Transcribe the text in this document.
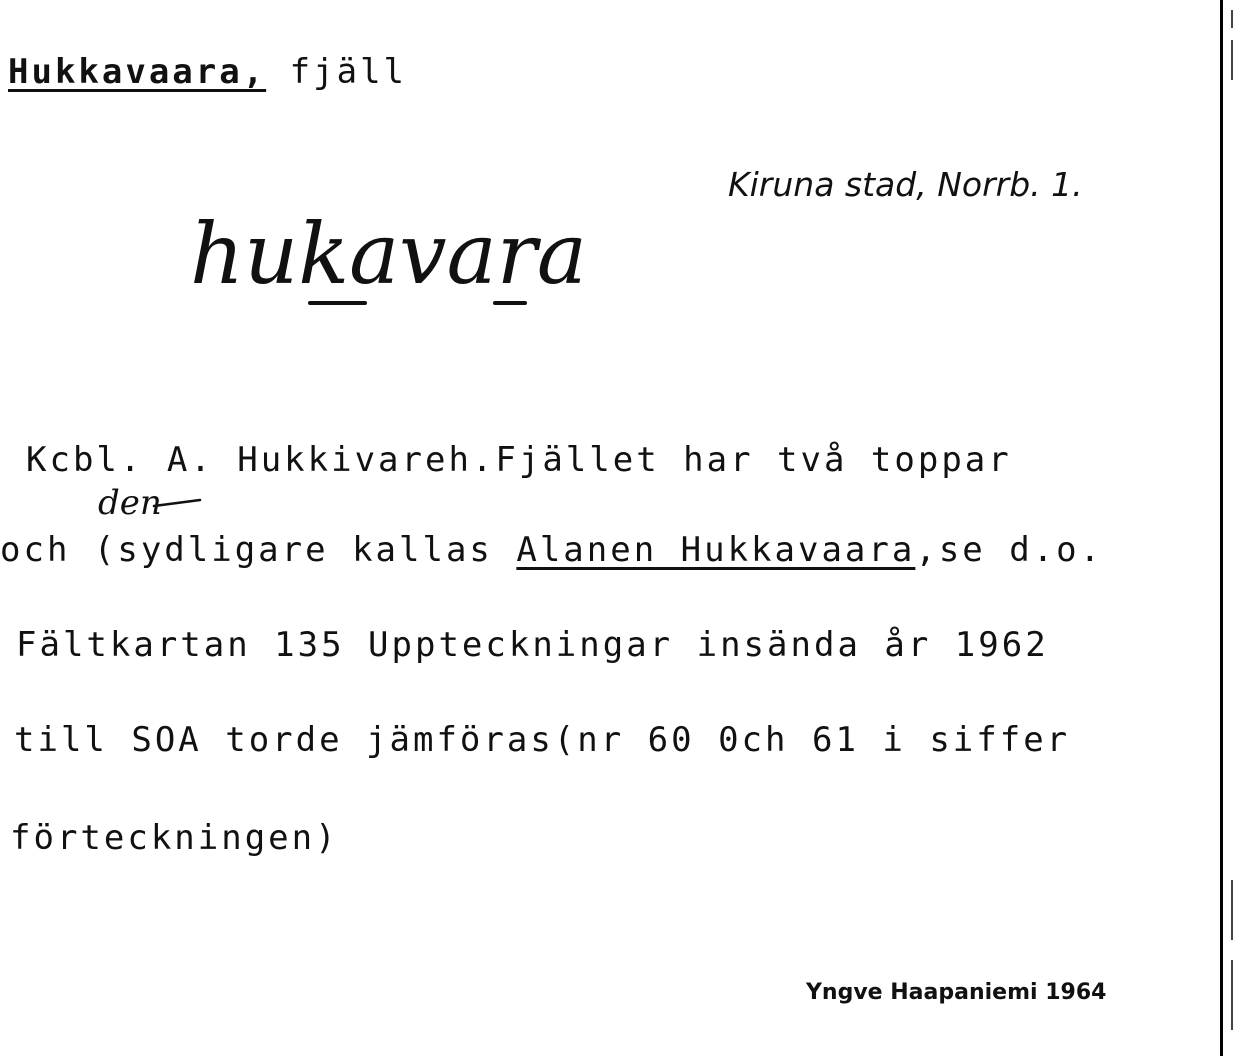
Hukkavaara, fjäll
Kiruna stad, Norrb. 1.
hukavara
Kcbl. A. Hukkivareh.Fjället har två toppar
den
och (sydligare kallas Alanen Hukkavaara,se d.o.
Fältkartan 135 Uppteckningar insända år 1962
till SOA torde jämföras(nr 60 0ch 61 i siffer
förteckningen)
Yngve Haapaniemi 1964
